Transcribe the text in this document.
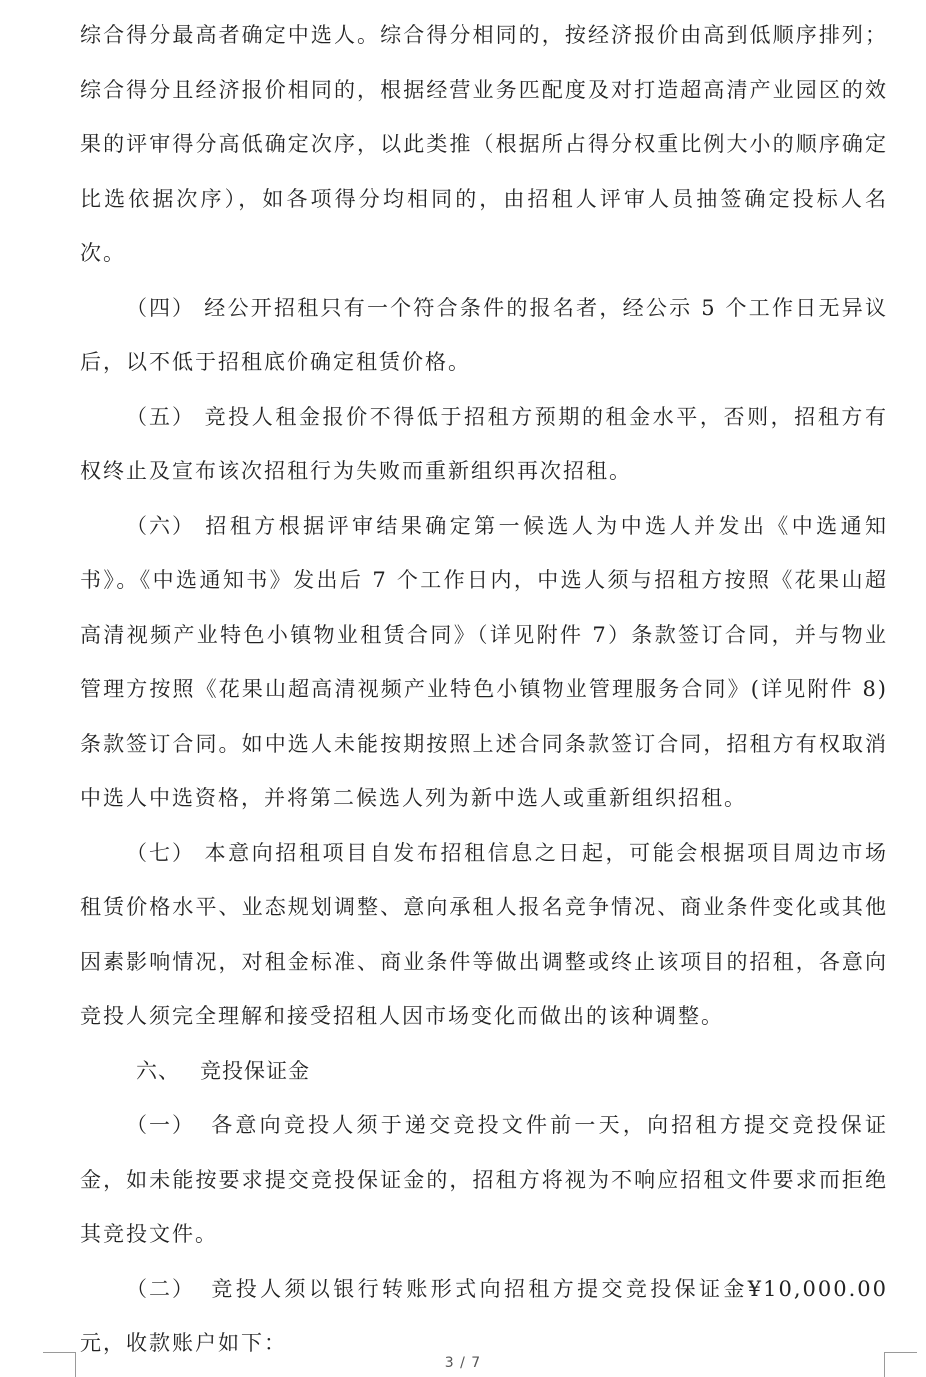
综合得分最高者确定中选人。综合得分相同的，按经济报价由高到低顺序排列；综合得分且经济报价相同的，根据经营业务匹配度及对打造超高清产业园区的效果的评审得分高低确定次序，以此类推（根据所占得分权重比例大小的顺序确定比选依据次序），如各项得分均相同的，由招租人评审人员抽签确定投标人名次。

（四） 经公开招租只有一个符合条件的报名者，经公示 5 个工作日无异议后，以不低于招租底价确定租赁价格。

（五） 竞投人租金报价不得低于招租方预期的租金水平，否则，招租方有权终止及宣布该次招租行为失败而重新组织再次招租。

（六） 招租方根据评审结果确定第一候选人为中选人并发出《中选通知书》。《中选通知书》发出后 7 个工作日内，中选人须与招租方按照《花果山超高清视频产业特色小镇物业租赁合同》（详见附件 7）条款签订合同，并与物业管理方按照《花果山超高清视频产业特色小镇物业管理服务合同》(详见附件 8)条款签订合同。如中选人未能按期按照上述合同条款签订合同，招租方有权取消中选人中选资格，并将第二候选人列为新中选人或重新组织招租。

（七） 本意向招租项目自发布招租信息之日起，可能会根据项目周边市场租赁价格水平、业态规划调整、意向承租人报名竞争情况、商业条件变化或其他因素影响情况，对租金标准、商业条件等做出调整或终止该项目的招租，各意向竞投人须完全理解和接受招租人因市场变化而做出的该种调整。

六、 竞投保证金

（一） 各意向竞投人须于递交竞投文件前一天，向招租方提交竞投保证金，如未能按要求提交竞投保证金的，招租方将视为不响应招租文件要求而拒绝其竞投文件。

（二） 竞投人须以银行转账形式向招租方提交竞投保证金¥10,000.00 元，收款账户如下：

3 / 7
